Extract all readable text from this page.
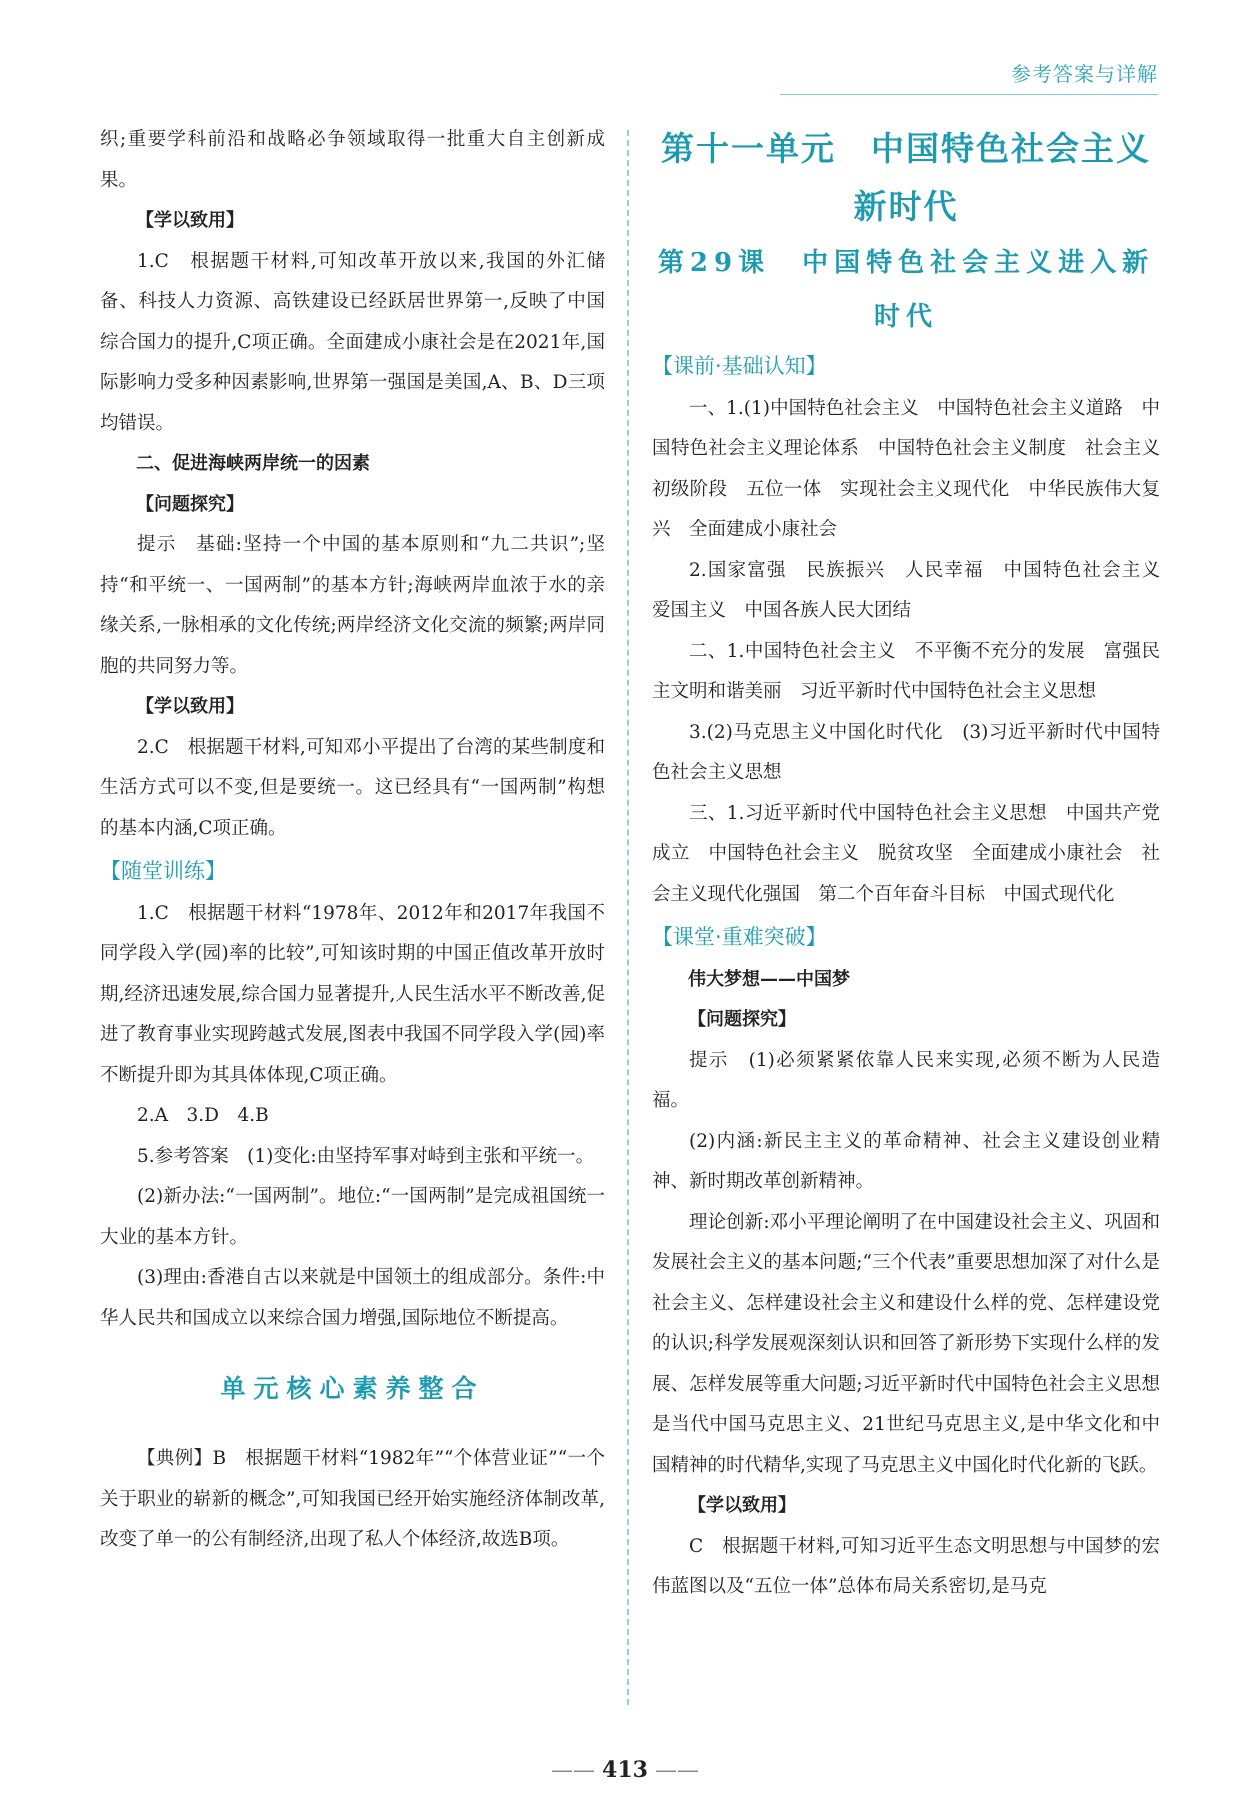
参考答案与详解

织;重要学科前沿和战略必争领域取得一批重大自主创新成果。

【学以致用】

1.C　根据题干材料,可知改革开放以来,我国的外汇储备、科技人力资源、高铁建设已经跃居世界第一,反映了中国综合国力的提升,C项正确。全面建成小康社会是在2021年,国际影响力受多种因素影响,世界第一强国是美国,A、B、D三项均错误。

二、促进海峡两岸统一的因素

【问题探究】

提示　基础:坚持一个中国的基本原则和“九二共识”;坚持“和平统一、一国两制”的基本方针;海峡两岸血浓于水的亲缘关系,一脉相承的文化传统;两岸经济文化交流的频繁;两岸同胞的共同努力等。

【学以致用】

2.C　根据题干材料,可知邓小平提出了台湾的某些制度和生活方式可以不变,但是要统一。这已经具有“一国两制”构想的基本内涵,C项正确。

【随堂训练】

1.C　根据题干材料“1978年、2012年和2017年我国不同学段入学(园)率的比较”,可知该时期的中国正值改革开放时期,经济迅速发展,综合国力显著提升,人民生活水平不断改善,促进了教育事业实现跨越式发展,图表中我国不同学段入学(园)率不断提升即为其具体体现,C项正确。

2.A　3.D　4.B

5.参考答案　(1)变化:由坚持军事对峙到主张和平统一。

(2)新办法:“一国两制”。地位:“一国两制”是完成祖国统一大业的基本方针。

(3)理由:香港自古以来就是中国领土的组成部分。条件:中华人民共和国成立以来综合国力增强,国际地位不断提高。

单元核心素养整合

【典例】B　根据题干材料“1982年”“个体营业证”“一个关于职业的崭新的概念”,可知我国已经开始实施经济体制改革,改变了单一的公有制经济,出现了私人个体经济,故选B项。

第十一单元　中国特色社会主义新时代

第29课　中国特色社会主义进入新时代

【课前·基础认知】

一、1.(1)中国特色社会主义　中国特色社会主义道路　中国特色社会主义理论体系　中国特色社会主义制度　社会主义初级阶段　五位一体　实现社会主义现代化　中华民族伟大复兴　全面建成小康社会

2.国家富强　民族振兴　人民幸福　中国特色社会主义　爱国主义　中国各族人民大团结

二、1.中国特色社会主义　不平衡不充分的发展　富强民主文明和谐美丽　习近平新时代中国特色社会主义思想

3.(2)马克思主义中国化时代化　(3)习近平新时代中国特色社会主义思想

三、1.习近平新时代中国特色社会主义思想　中国共产党成立　中国特色社会主义　脱贫攻坚　全面建成小康社会　社会主义现代化强国　第二个百年奋斗目标　中国式现代化

【课堂·重难突破】

伟大梦想——中国梦

【问题探究】

提示　(1)必须紧紧依靠人民来实现,必须不断为人民造福。

(2)内涵:新民主主义的革命精神、社会主义建设创业精神、新时期改革创新精神。

理论创新:邓小平理论阐明了在中国建设社会主义、巩固和发展社会主义的基本问题;“三个代表”重要思想加深了对什么是社会主义、怎样建设社会主义和建设什么样的党、怎样建设党的认识;科学发展观深刻认识和回答了新形势下实现什么样的发展、怎样发展等重大问题;习近平新时代中国特色社会主义思想是当代中国马克思主义、21世纪马克思主义,是中华文化和中国精神的时代精华,实现了马克思主义中国化时代化新的飞跃。

【学以致用】

C　根据题干材料,可知习近平生态文明思想与中国梦的宏伟蓝图以及“五位一体”总体布局关系密切,是马克

—— 413 ——
